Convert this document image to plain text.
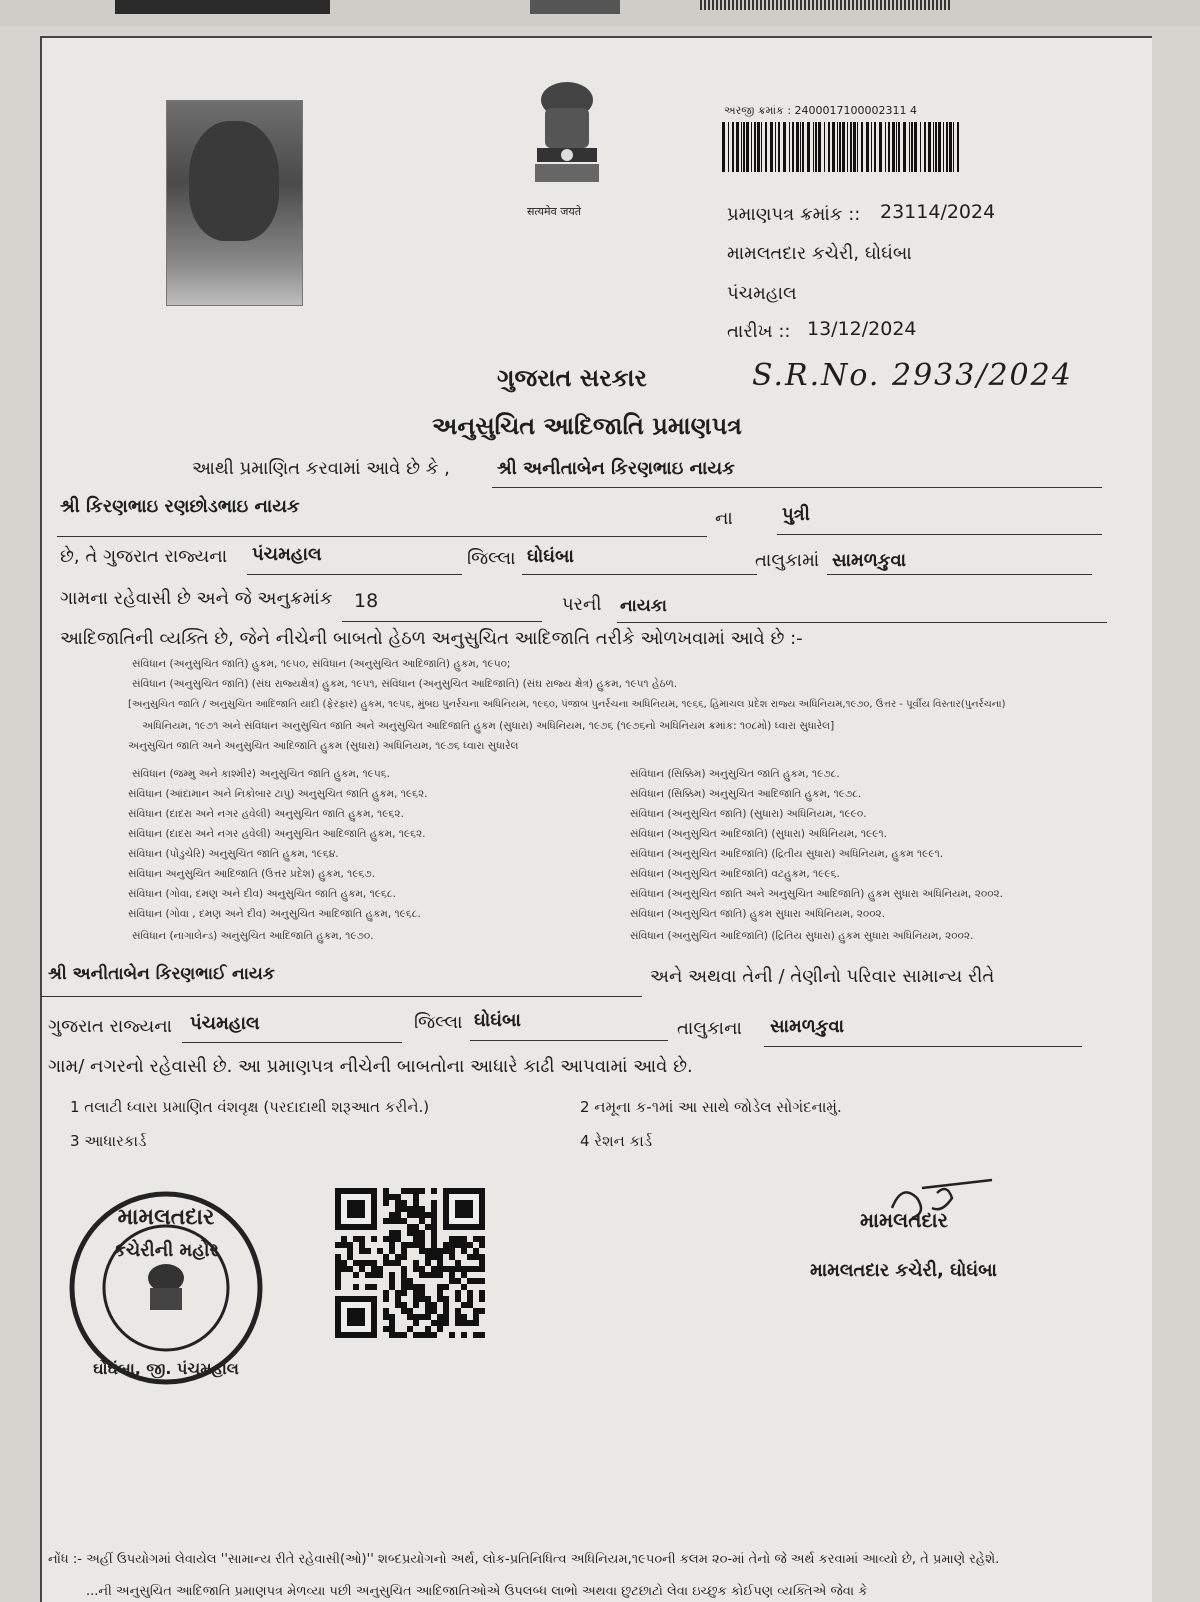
सत्यमेव जयते
અરજી ક્રમાંક : 2400017100002311 4
પ્રમાણપત્ર ક્રમાંક :: 23114/2024
મામલતદાર કચેરી, ઘોઘંબા
પંચમહાલ
તારીખ :: 13/12/2024
S.R.No. 2933/2024
ગુજરાત સરકાર
અનુસુચિત આદિજાતિ પ્રમાણપત્ર
આથી પ્રમાણિત કરવામાં આવે છે કે ,	શ્રી અનીતાબેન કિરણભાઇ નાયક
શ્રી કિરણભાઇ રણછોડભાઇ નાયક
ના	પુત્રી
છે, તે ગુજરાત રાજ્યના પંચમહાલ	જિલ્લા ઘોઘંબા	તાલુકામાં સામળકુવા
ગામના રહેવાસી છે અને જે અનુક્રમાંક 18	પરની નાયકા
આદિજાતિની વ્યક્તિ છે, જેને નીચેની બાબતો હેઠળ અનુસુચિત આદિજાતિ તરીકે ઓળખવામાં આવે છે :-
સંવિધાન (અનુસુચિત જાતિ) હુકમ, ૧૯૫૦, સંવિધાન (અનુસુચિત આદિજાતિ) હુકમ, ૧૯૫૦;
સંવિધાન (અનુસુચિત જાતિ) (સંઘ રાજ્યક્ષેત્ર) હુકમ, ૧૯૫૧, સંવિધાન (અનુસુચિત આદિજાતિ) (સંઘ રાજ્ય ક્ષેત્ર) હુકમ, ૧૯૫૧ હેઠળ.
[અનુસુચિત જાતિ / અનુસુચિત આદિજાતિ યાદી (ફેરફાર) હુકમ, ૧૯૫૬, મુંબઇ પુનર્રચના અધિનિયમ, ૧૯૬૦, પંજાબ પુનર્રચના અધિનિયમ, ૧૯૬૬, હિમાચલ પ્રદેશ રાજ્ય અધિનિયમ,૧૯૭૦, ઉત્તર - પૂર્વીય વિસ્તાર(પુનર્રચના)
અધિનિયમ, ૧૯૭૧ અને સંવિધાન અનુસુચિત જાતિ અને અનુસુચિત આદિજાતિ હુકમ (સુધારા) અધિનિયમ, ૧૯૭૬ (૧૯૭૬નો અધિનિયમ ક્રમાંક: ૧૦૮મો) ધ્વારા સુધારેલ]
અનુસુચિત જાતિ અને અનુસુચિત આદિજાતિ હુકમ (સુધારા) અધિનિયમ, ૧૯૭૬ ધ્વારા સુધારેલ
સંવિધાન (જમ્મુ અને કાશ્મીર) અનુસુચિત જાતિ હુકમ, ૧૯૫૬.
સંવિધાન (આંદામાન અને નિકોબાર ટાપુ) અનુસુચિત જાતિ હુકમ, ૧૯૬૨.
સંવિધાન (દાદરા અને નગર હવેલી) અનુસુચિત જાતિ હુકમ, ૧૯૬૨.
સંવિધાન (દાદરા અને નગર હવેલી) અનુસુચિત આદિજાતિ હુકમ, ૧૯૬૨.
સંવિધાન (પોંડુચેરિ) અનુસુચિત જાતિ હુકમ, ૧૯૬૪.
સંવિધાન અનુસુચિત આદિજાતિ (ઉત્તર પ્રદેશ) હુકમ, ૧૯૬૭.
સંવિધાન (ગોવા, દમણ અને દીવ) અનુસુચિત જાતિ હુકમ, ૧૯૬૮.
સંવિધાન (ગોવા , દમણ અને દીવ) અનુસુચિત આદિજાતિ હુકમ, ૧૯૬૮.
સંવિધાન (નાગાલેન્ડ) અનુસુચિત આદિજાતિ હુકમ, ૧૯૭૦.
સંવિધાન (સિક્કિમ) અનુસુચિત જાતિ હુકમ, ૧૯૭૮.
સંવિધાન (સિક્કિમ) અનુસુચિત આદિજાતિ હુકમ, ૧૯૭૮.
સંવિધાન (અનુસુચિત જાતિ) (સુધારા) અધિનિયમ, ૧૯૯૦.
સંવિધાન (અનુસુચિત આદિજાતિ) (સુધારા) અધિનિયમ, ૧૯૯૧.
સંવિધાન (અનુસુચિત આદિજાતિ) (દ્રિતીય સુધારા) અધિનિયમ, હુકમ ૧૯૯૧.
સંવિધાન (અનુસુચિત આદિજાતિ) વટહુકમ, ૧૯૯૬.
સંવિધાન (અનુસુચિત જાતિ અને અનુસુચિત આદિજાતિ) હુકમ સુધારા અધિનિયમ, ૨૦૦૨.
સંવિધાન (અનુસુચિત જાતિ) હુકમ સુધારા અધિનિયમ, ૨૦૦૨.
સંવિધાન (અનુસુચિત આદિજાતિ) (દ્રિતિય સુધારા) હુકમ સુધારા અધિનિયમ, ૨૦૦૨.
શ્રી અનીતાબેન કિરણભાઈ નાયક	અને અથવા તેની / તેણીનો પરિવાર સામાન્ય રીતે
ગુજરાત રાજ્યના પંચમહાલ	જિલ્લા ઘોઘંબા	તાલુકાના સામળકુવા
ગામ/ નગરનો રહેવાસી છે. આ પ્રમાણપત્ર નીચેની બાબતોના આધારે કાઢી આપવામાં આવે છે.
1 તલાટી ધ્વારા પ્રમાણિત વંશવૃક્ષ (પરદાદાથી શરૂઆત કરીને.)	2 નમૂના ક-૧માં આ સાથે જોડેલ સોગંદનામું.
3 આધારકાર્ડ	4 રેશન કાર્ડ
મામલતદાર
કચેરીની મહોર
ઘોઘંબા, જી. પંચમહાલ
મામલતદાર
મામલતદાર કચેરી, ઘોઘંબા
નોંધ :- અહીં ઉપયોગમાં લેવાયેલ ''સામાન્ય રીતે રહેવાસી(ઓ)'' શબ્દપ્રયોગનો અર્થ, લોક-પ્રતિનિધિત્વ અધિનિયમ,૧૯૫૦ની કલમ ૨૦-માં તેનો જે અર્થ કરવામાં આવ્યો છે, તે પ્રમાણે રહેશે.
...ની અનુસુચિત આદિજાતિ પ્રમાણપત્ર મેળવ્યા પછી અનુસુચિત આદિજાતિઓએ ઉપલબ્ધ લાભો અથવા છુટછાટો લેવા ઇચ્છુક કોઈપણ વ્યક્તિએ જેવા કે
